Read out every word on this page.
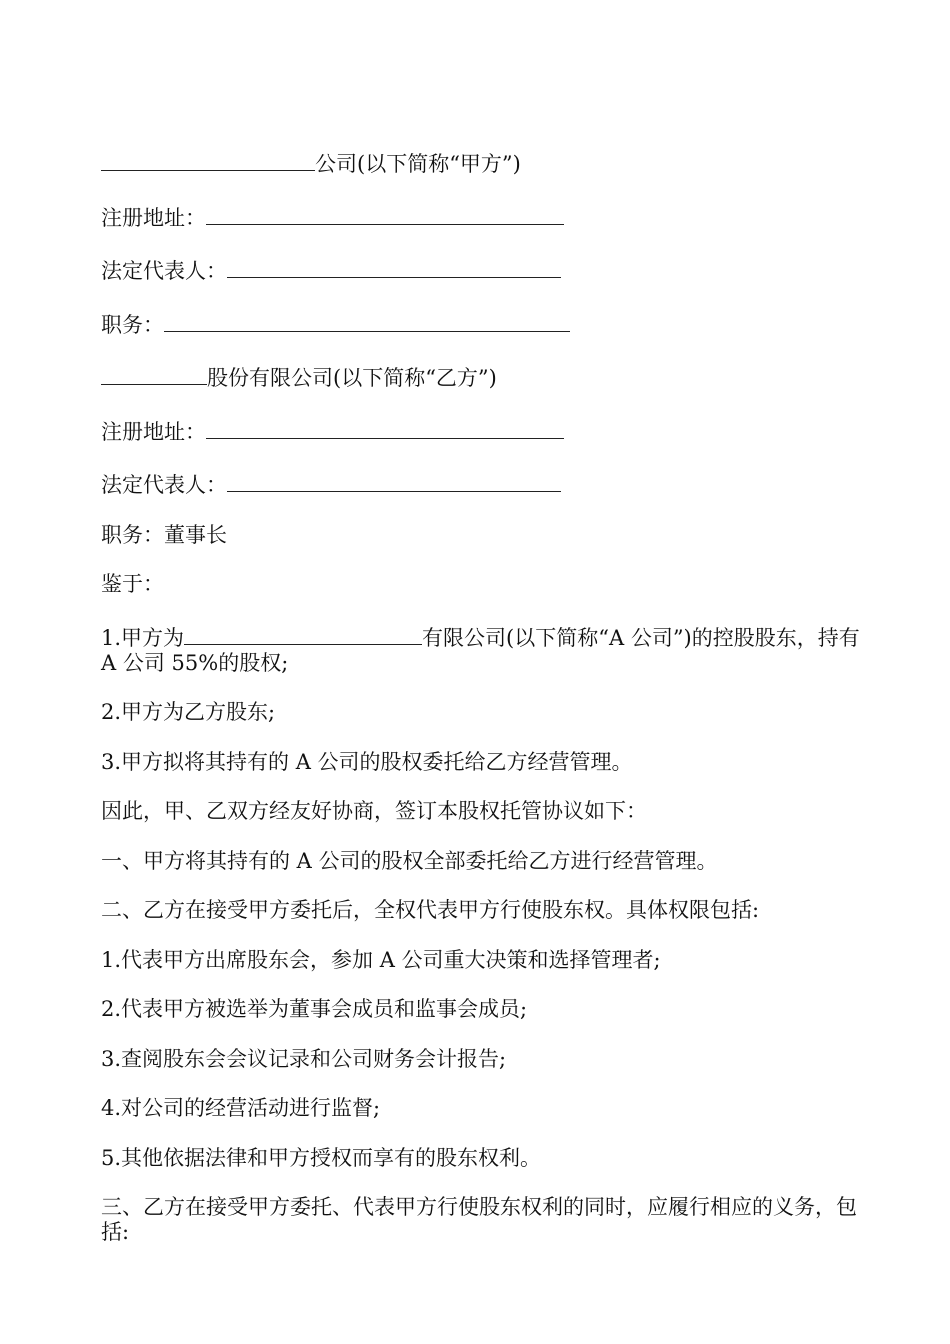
公司(以下简称“甲方”)

注册地址：

法定代表人：

职务：

股份有限公司(以下简称“乙方”)

注册地址：

法定代表人：

职务：董事长

鉴于：

1.甲方为	有限公司(以下简称“A 公司”)的控股股东，持有 A 公司 55%的股权;

2.甲方为乙方股东;

3.甲方拟将其持有的 A 公司的股权委托给乙方经营管理。

因此，甲、乙双方经友好协商，签订本股权托管协议如下：

一、甲方将其持有的 A 公司的股权全部委托给乙方进行经营管理。

二、乙方在接受甲方委托后，全权代表甲方行使股东权。具体权限包括:

1.代表甲方出席股东会，参加 A 公司重大决策和选择管理者;

2.代表甲方被选举为董事会成员和监事会成员;

3.查阅股东会会议记录和公司财务会计报告;

4.对公司的经营活动进行监督;

5.其他依据法律和甲方授权而享有的股东权利。

三、乙方在接受甲方委托、代表甲方行使股东权利的同时，应履行相应的义务，包括:
